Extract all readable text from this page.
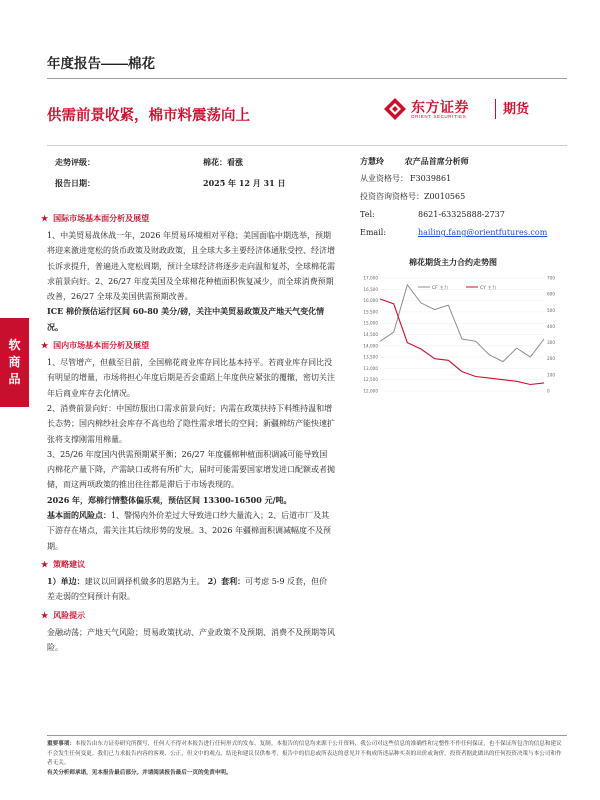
年度报告——棉花
供需前景收紧，棉市料震荡向上
东方证券
ORIENT SECURITIES
期货
软
商
品
走势评级：	棉花：看涨
报告日期：	2025 年 12 月 31 日
方慧玲	农产品首席分析师
从业资格号： F3039861
投资咨询资格号：Z0010565
Tel:	8621-63325888-2737
Email:	hailing.fang@orientfutures.com
棉花期货主力合约走势图
17,000
16,500
16,000
15,500
15,000
14,500
14,000
13,500
13,000
12,500
12,000
700
600
500
400
300
200
100
0
CF 主力	CY 主力
★ 国际市场基本面分析及展望

1、中美贸易战休战一年，2026 年贸易环境相对平稳；美国面临中期选举，预期将迎来激进宽松的货币政策及财政政策，且全球大多主要经济体通胀受控、经济增长诉求提升，普遍进入宽松周期，预计全球经济将逐步走向温和复苏，全球棉花需求前景向好。2、26/27 年度美国及全球棉花种植面积恢复减少，而全球消费预期改善，26/27 全球及美国供需预期改善。

ICE 棉价预估运行区间 60-80 美分/磅，关注中美贸易政策及产地天气变化情况。

★ 国内市场基本面分析及展望

1、尽管增产，但截至目前，全国棉花商业库存同比基本持平。若商业库存同比没有明显的增量，市场将担心年度后期是否会重蹈上年度供应紧张的覆辙，密切关注年后商业库存去化情况。

2、消费前景向好：中国纺服出口需求前景向好；内需在政策扶持下料维持温和增长态势；国内棉纱社会库存不高也给了隐性需求增长的空间；新疆棉纺产能快速扩张将支撑刚需用棉量。

3、25/26 年度国内供需预期紧平衡；26/27 年度疆棉种植面积调减可能导致国内棉花产量下降，产需缺口或将有所扩大，届时可能需要国家增发进口配额或者抛储，而这两项政策的推出往往都是滞后于市场表现的。

2026 年，郑棉行情整体偏乐观，预估区间 13300-16500 元/吨。

基本面的风险点：1、警惕内外价差过大导致进口纱大量流入；2、后道市厂及其下游存在堵点，需关注其后续形势的发展。3、2026 年疆棉面积调减幅度不及预期。

★ 策略建议

1）单边：建议以回调择机做多的思路为主。 2）套利：可考虑 5-9 反套，但价差走弱的空间预计有限。

★ 风险提示

金融动荡；产地天气风险；贸易政策扰动、产业政策不及预期、消费不及预期等风险。

重要事项：本报告由东方证券研究所撰写，任何人不得对本报告进行任何形式的发布、复制。本报告的信息均来源于公开资料，我公司对这些信息的准确性和完整性不作任何保证，也不保证所包含的信息和建议不会发生任何变更。我们已力求报告内容的客观、公正，但文中的观点、结论和建议仅供参考，报告中的信息或所表达的意见并不构成所述品种买卖的出价或询价，投资者据此做出的任何投资决策与本公司和作者无关。
有关分析师承诺，见本报告最后部分。并请阅读报告最后一页的免责申明。
